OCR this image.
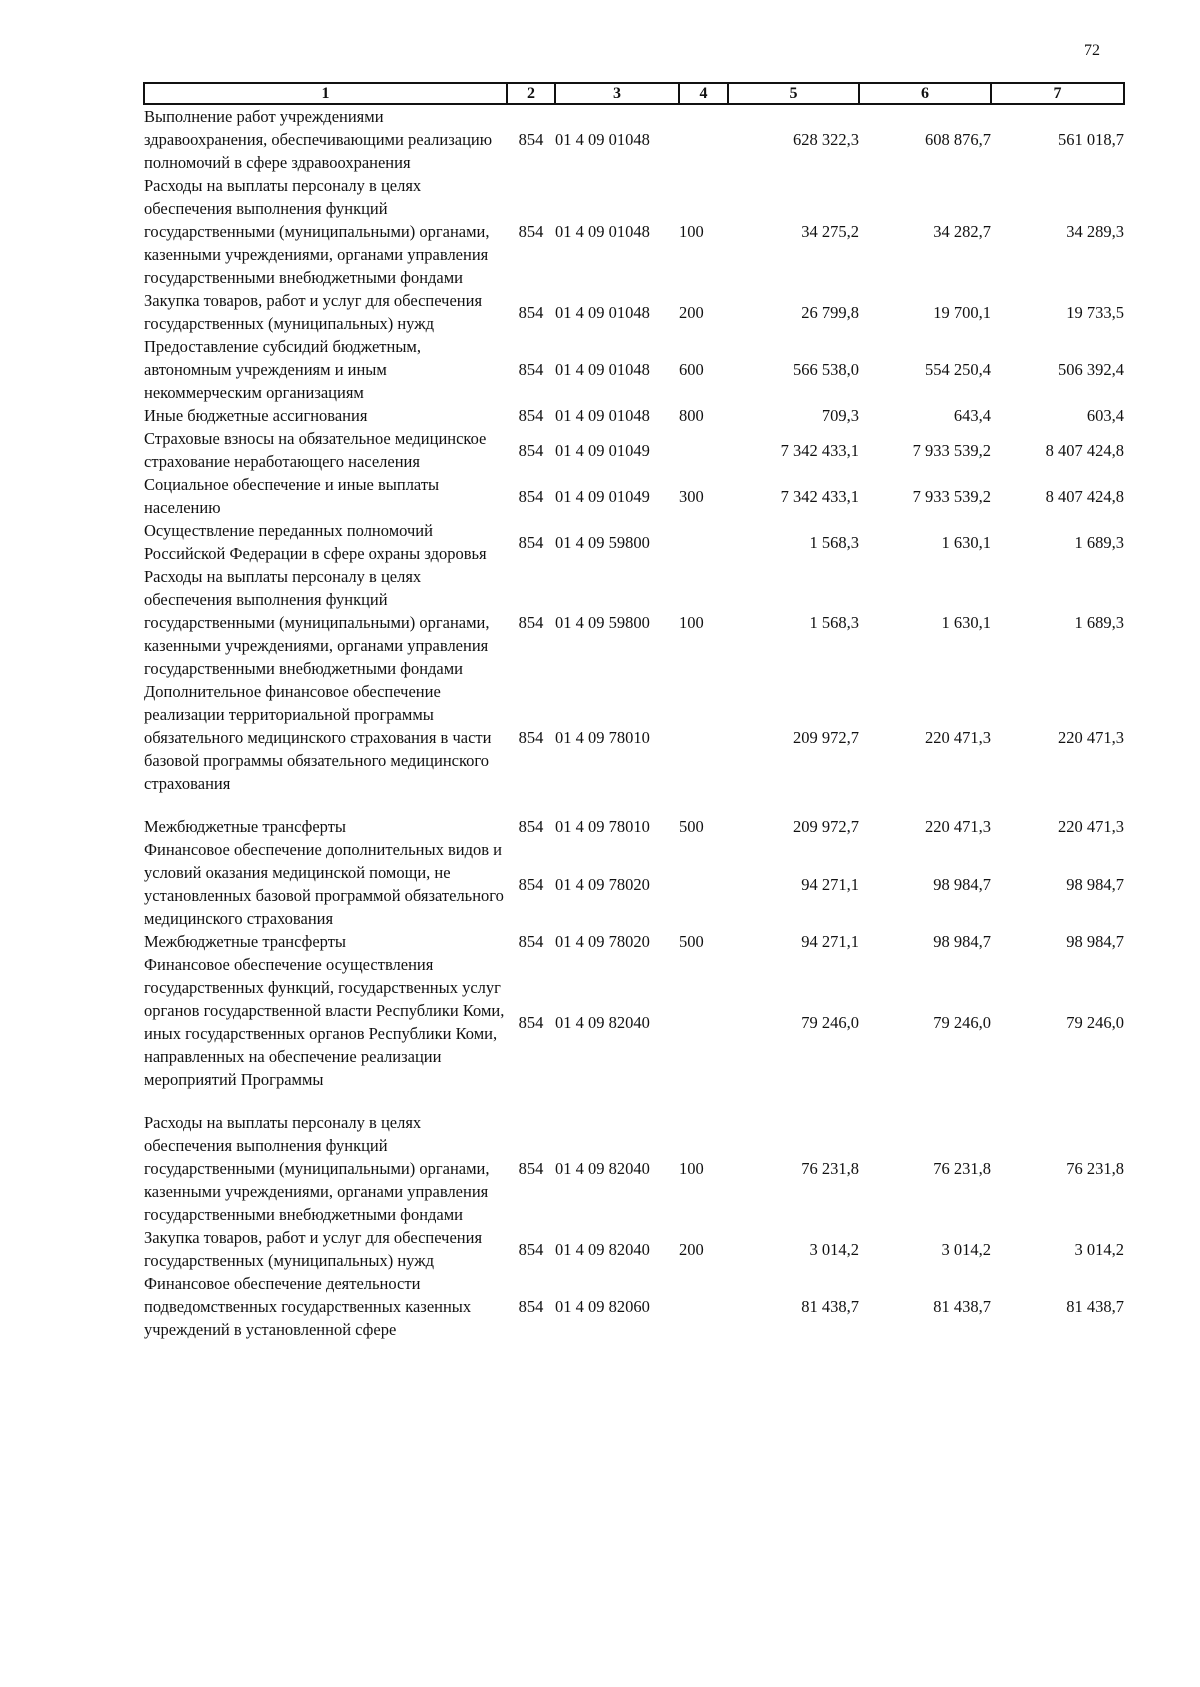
72
1	2	3	4	5	6	7
Выполнение работ учреждениями здравоохранения, обеспечивающими реализацию полномочий в сфере здравоохранения	854	01 4 09 01048		628 322,3	608 876,7	561 018,7
Расходы на выплаты персоналу в целях обеспечения выполнения функций государственными (муниципальными) органами, казенными учреждениями, органами управления государственными внебюджетными фондами	854	01 4 09 01048	100	34 275,2	34 282,7	34 289,3
Закупка товаров, работ и услуг для обеспечения государственных (муниципальных) нужд	854	01 4 09 01048	200	26 799,8	19 700,1	19 733,5
Предоставление субсидий бюджетным, автономным учреждениям и иным некоммерческим организациям	854	01 4 09 01048	600	566 538,0	554 250,4	506 392,4
Иные бюджетные ассигнования	854	01 4 09 01048	800	709,3	643,4	603,4
Страховые взносы на обязательное медицинское страхование неработающего населения	854	01 4 09 01049		7 342 433,1	7 933 539,2	8 407 424,8
Социальное обеспечение и иные выплаты населению	854	01 4 09 01049	300	7 342 433,1	7 933 539,2	8 407 424,8
Осуществление переданных полномочий Российской Федерации в сфере охраны здоровья	854	01 4 09 59800		1 568,3	1 630,1	1 689,3
Расходы на выплаты персоналу в целях обеспечения выполнения функций государственными (муниципальными) органами, казенными учреждениями, органами управления государственными внебюджетными фондами	854	01 4 09 59800	100	1 568,3	1 630,1	1 689,3
Дополнительное финансовое обеспечение реализации территориальной программы обязательного медицинского страхования в части базовой программы обязательного медицинского страхования	854	01 4 09 78010		209 972,7	220 471,3	220 471,3

Межбюджетные трансферты	854	01 4 09 78010	500	209 972,7	220 471,3	220 471,3
Финансовое обеспечение дополнительных видов и условий оказания медицинской помощи, не установленных базовой программой обязательного медицинского страхования	854	01 4 09 78020		94 271,1	98 984,7	98 984,7
Межбюджетные трансферты	854	01 4 09 78020	500	94 271,1	98 984,7	98 984,7
Финансовое обеспечение осуществления государственных функций, государственных услуг органов государственной власти Республики Коми, иных государственных органов Республики Коми, направленных на обеспечение реализации мероприятий Программы	854	01 4 09 82040		79 246,0	79 246,0	79 246,0

Расходы на выплаты персоналу в целях обеспечения выполнения функций государственными (муниципальными) органами, казенными учреждениями, органами управления государственными внебюджетными фондами	854	01 4 09 82040	100	76 231,8	76 231,8	76 231,8
Закупка товаров, работ и услуг для обеспечения государственных (муниципальных) нужд	854	01 4 09 82040	200	3 014,2	3 014,2	3 014,2
Финансовое обеспечение деятельности подведомственных государственных казенных учреждений в установленной сфере	854	01 4 09 82060		81 438,7	81 438,7	81 438,7
